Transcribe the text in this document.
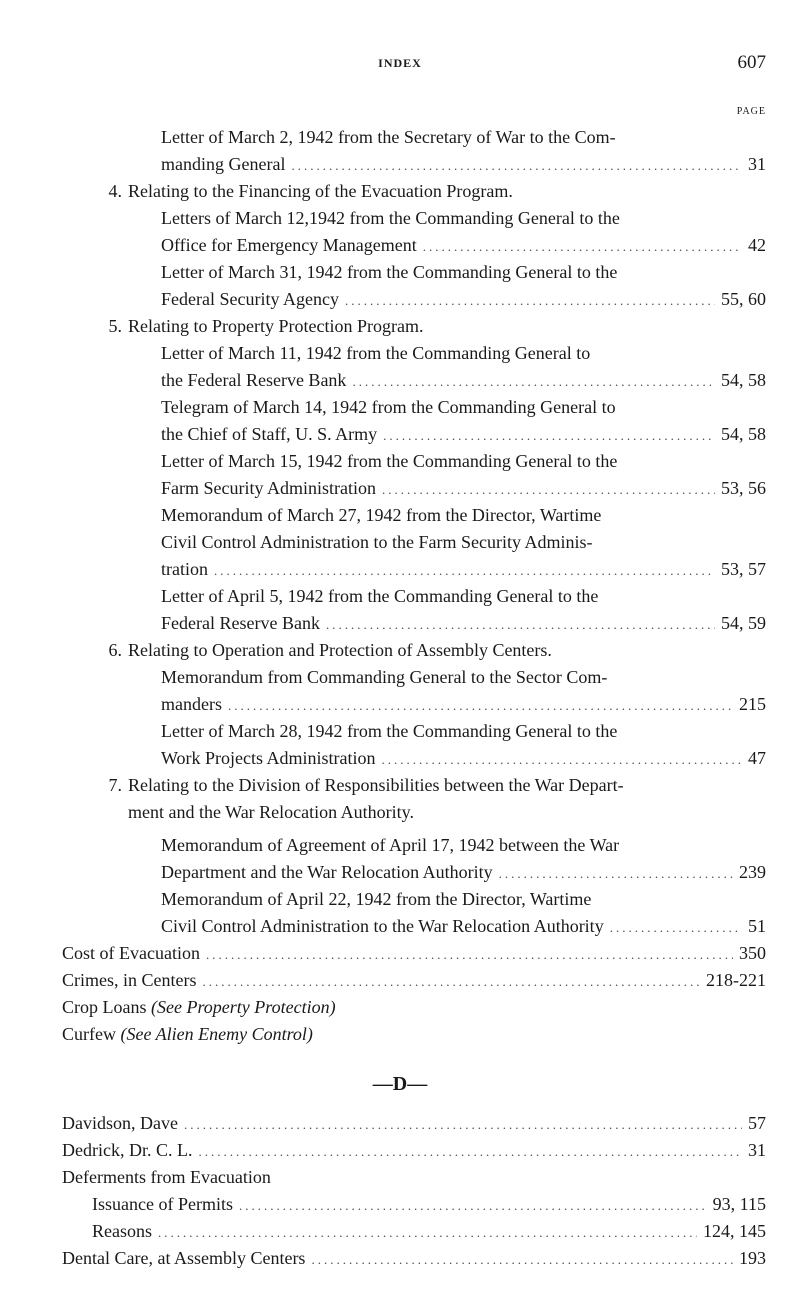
INDEX	607
PAGE
Letter of March 2, 1942 from the Secretary of War to the Com-
manding General .....	31
4. Relating to the Financing of the Evacuation Program.
Letters of March 12,1942 from the Commanding General to the
Office for Emergency Management .....	42
Letter of March 31, 1942 from the Commanding General to the
Federal Security Agency .....	55, 60
5. Relating to Property Protection Program.
Letter of March 11, 1942 from the Commanding General to
the Federal Reserve Bank .....	54, 58
Telegram of March 14, 1942 from the Commanding General to
the Chief of Staff, U. S. Army .....	54, 58
Letter of March 15, 1942 from the Commanding General to the
Farm Security Administration .....	53, 56
Memorandum of March 27, 1942 from the Director, Wartime
Civil Control Administration to the Farm Security Adminis-
tration .....	53, 57
Letter of April 5, 1942 from the Commanding General to the
Federal Reserve Bank .....	54, 59
6. Relating to Operation and Protection of Assembly Centers.
Memorandum from Commanding General to the Sector Com-
manders .....	215
Letter of March 28, 1942 from the Commanding General to the
Work Projects Administration .....	47
7. Relating to the Division of Responsibilities between the War Depart-
ment and the War Relocation Authority.
Memorandum of Agreement of April 17, 1942 between the War
Department and the War Relocation Authority .....	239
Memorandum of April 22, 1942 from the Director, Wartime
Civil Control Administration to the War Relocation Authority .....	51
Cost of Evacuation .....	350
Crimes, in Centers .....	218-221
Crop Loans (See Property Protection)
Curfew (See Alien Enemy Control)
—D—
Davidson, Dave .....	57
Dedrick, Dr. C. L. .....	31
Deferments from Evacuation
Issuance of Permits .....	93, 115
Reasons .....	124, 145
Dental Care, at Assembly Centers .....	193
